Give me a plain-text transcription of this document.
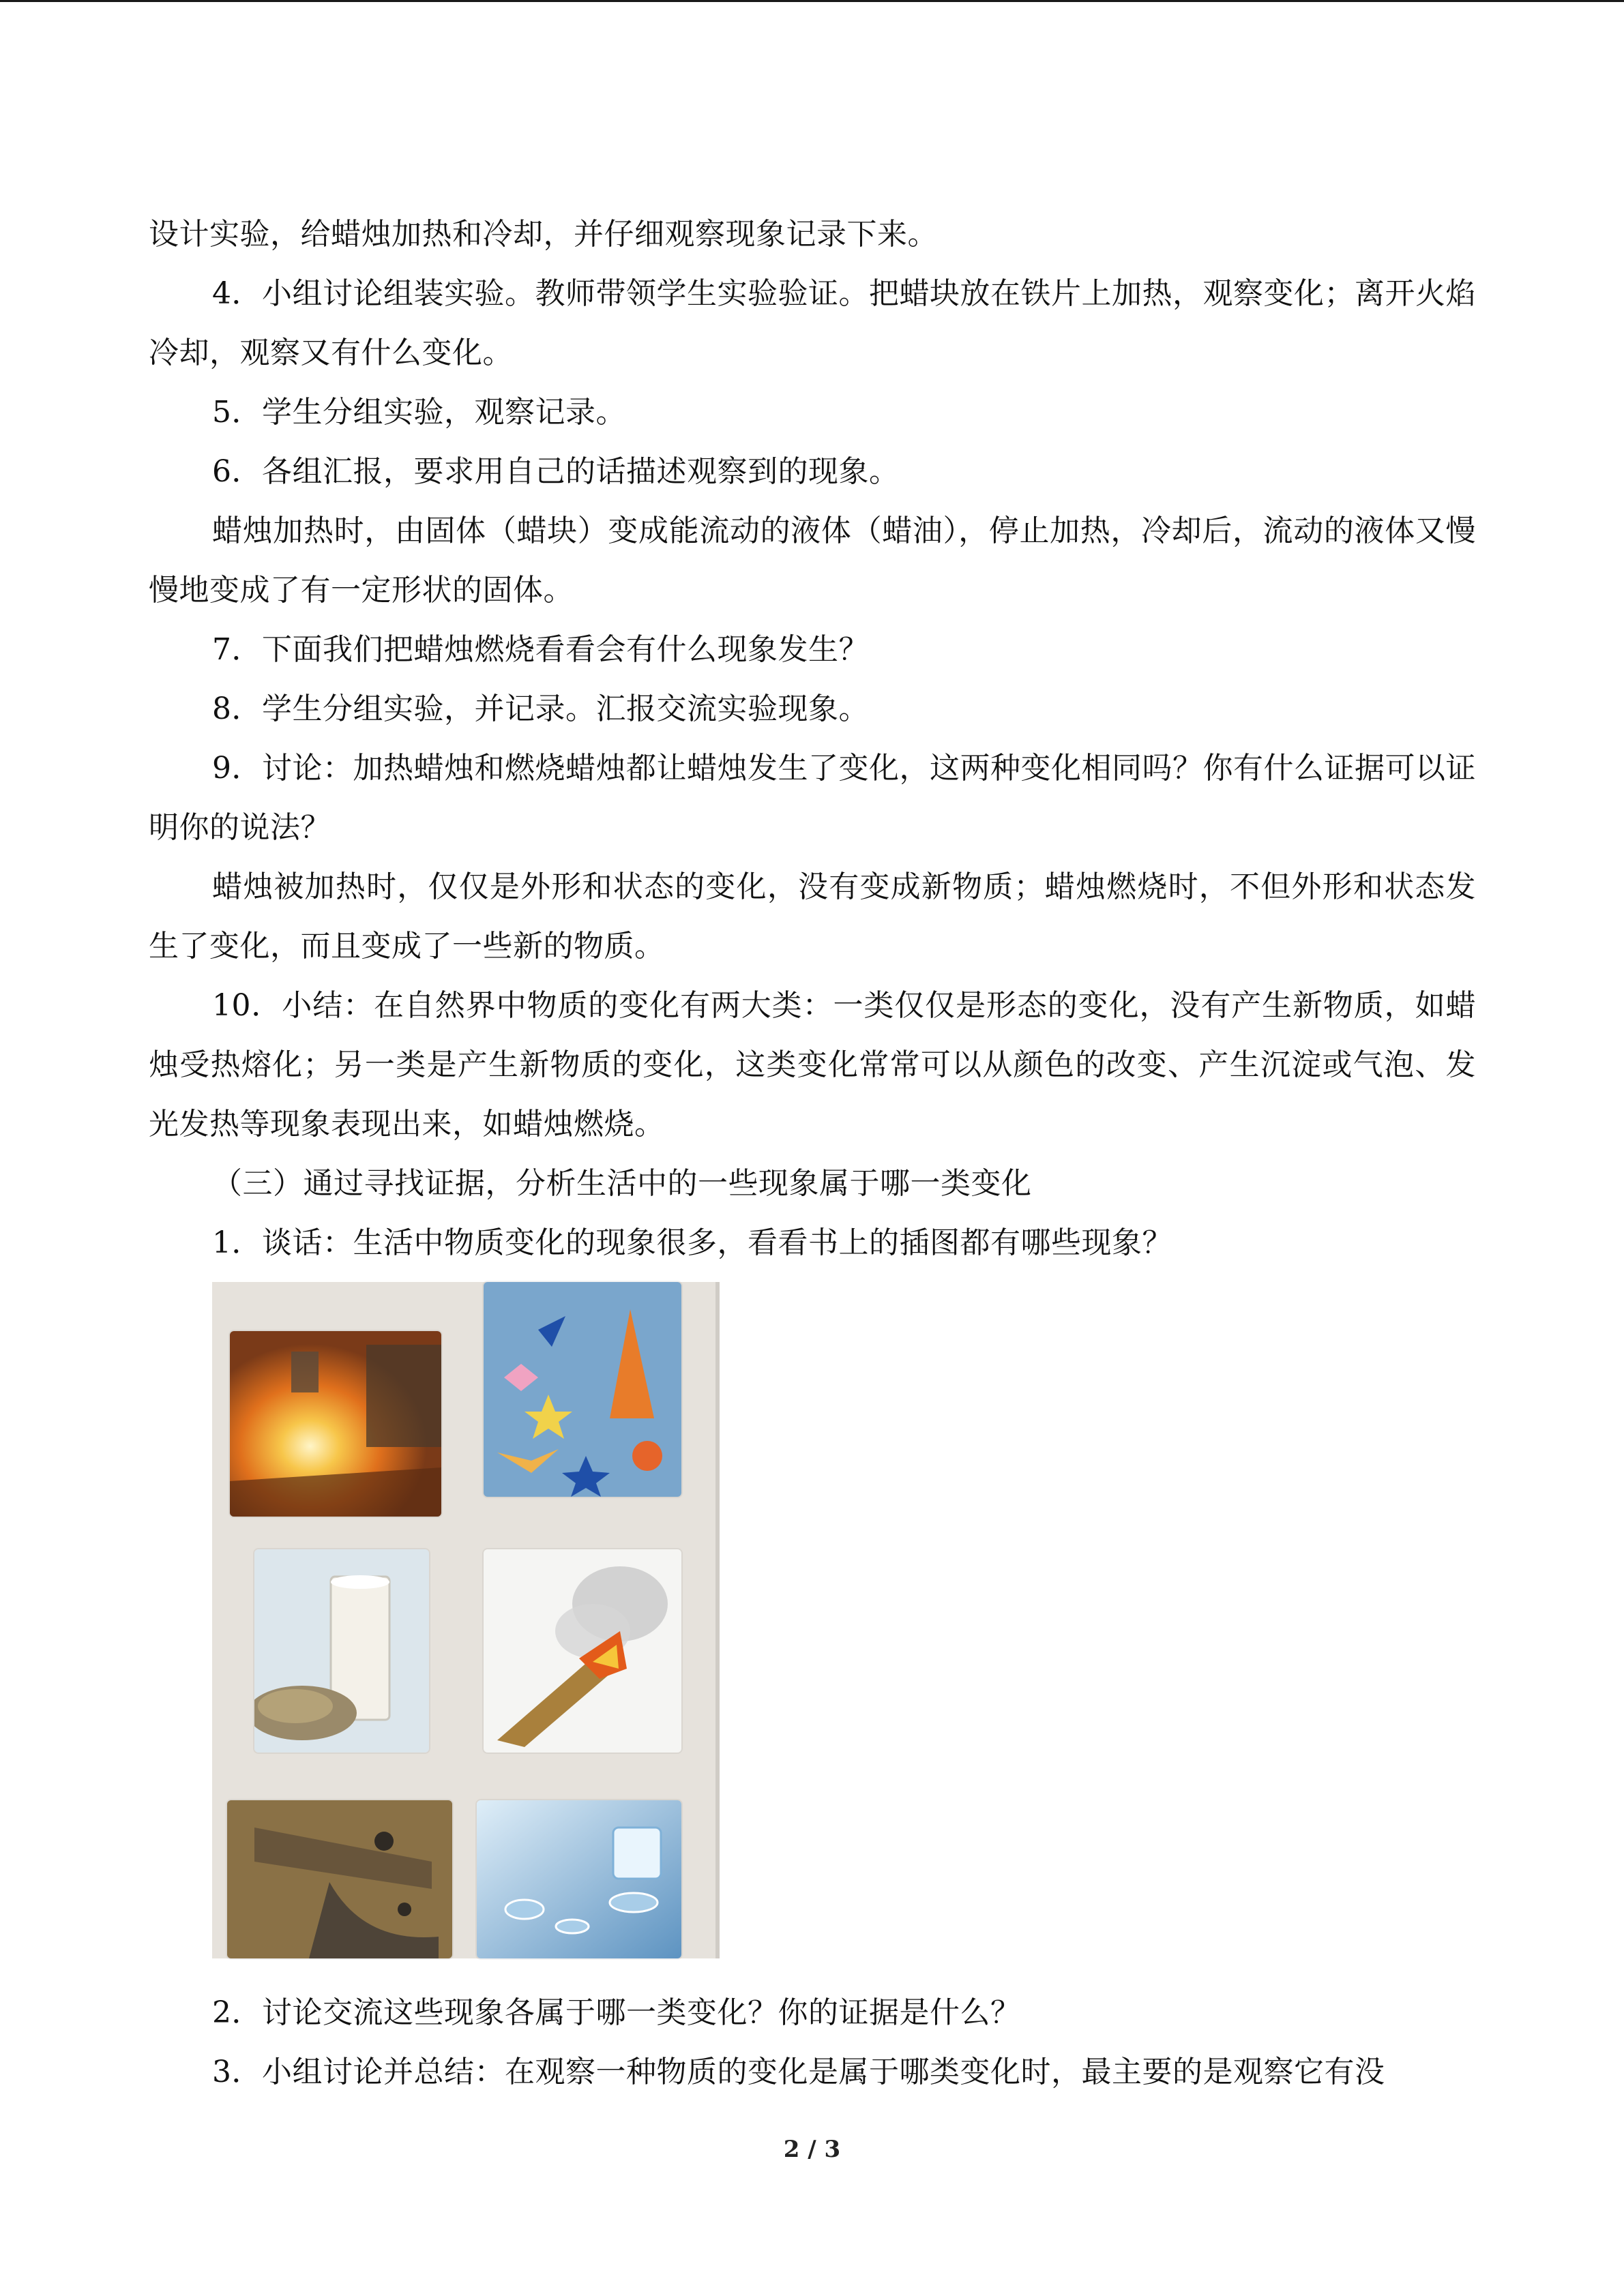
设计实验，给蜡烛加热和冷却，并仔细观察现象记录下来。

4．小组讨论组装实验。教师带领学生实验验证。把蜡块放在铁片上加热，观察变化；离开火焰冷却，观察又有什么变化。

5．学生分组实验，观察记录。

6．各组汇报，要求用自己的话描述观察到的现象。

蜡烛加热时，由固体（蜡块）变成能流动的液体（蜡油），停止加热，冷却后，流动的液体又慢慢地变成了有一定形状的固体。

7．下面我们把蜡烛燃烧看看会有什么现象发生？

8．学生分组实验，并记录。汇报交流实验现象。

9．讨论：加热蜡烛和燃烧蜡烛都让蜡烛发生了变化，这两种变化相同吗？你有什么证据可以证明你的说法？

蜡烛被加热时，仅仅是外形和状态的变化，没有变成新物质；蜡烛燃烧时，不但外形和状态发生了变化，而且变成了一些新的物质。

10．小结：在自然界中物质的变化有两大类：一类仅仅是形态的变化，没有产生新物质，如蜡烛受热熔化；另一类是产生新物质的变化，这类变化常常可以从颜色的改变、产生沉淀或气泡、发光发热等现象表现出来，如蜡烛燃烧。

（三）通过寻找证据，分析生活中的一些现象属于哪一类变化

1．谈话：生活中物质变化的现象很多，看看书上的插图都有哪些现象？

2．讨论交流这些现象各属于哪一类变化？你的证据是什么？

3．小组讨论并总结：在观察一种物质的变化是属于哪类变化时，最主要的是观察它有没

2 / 3
